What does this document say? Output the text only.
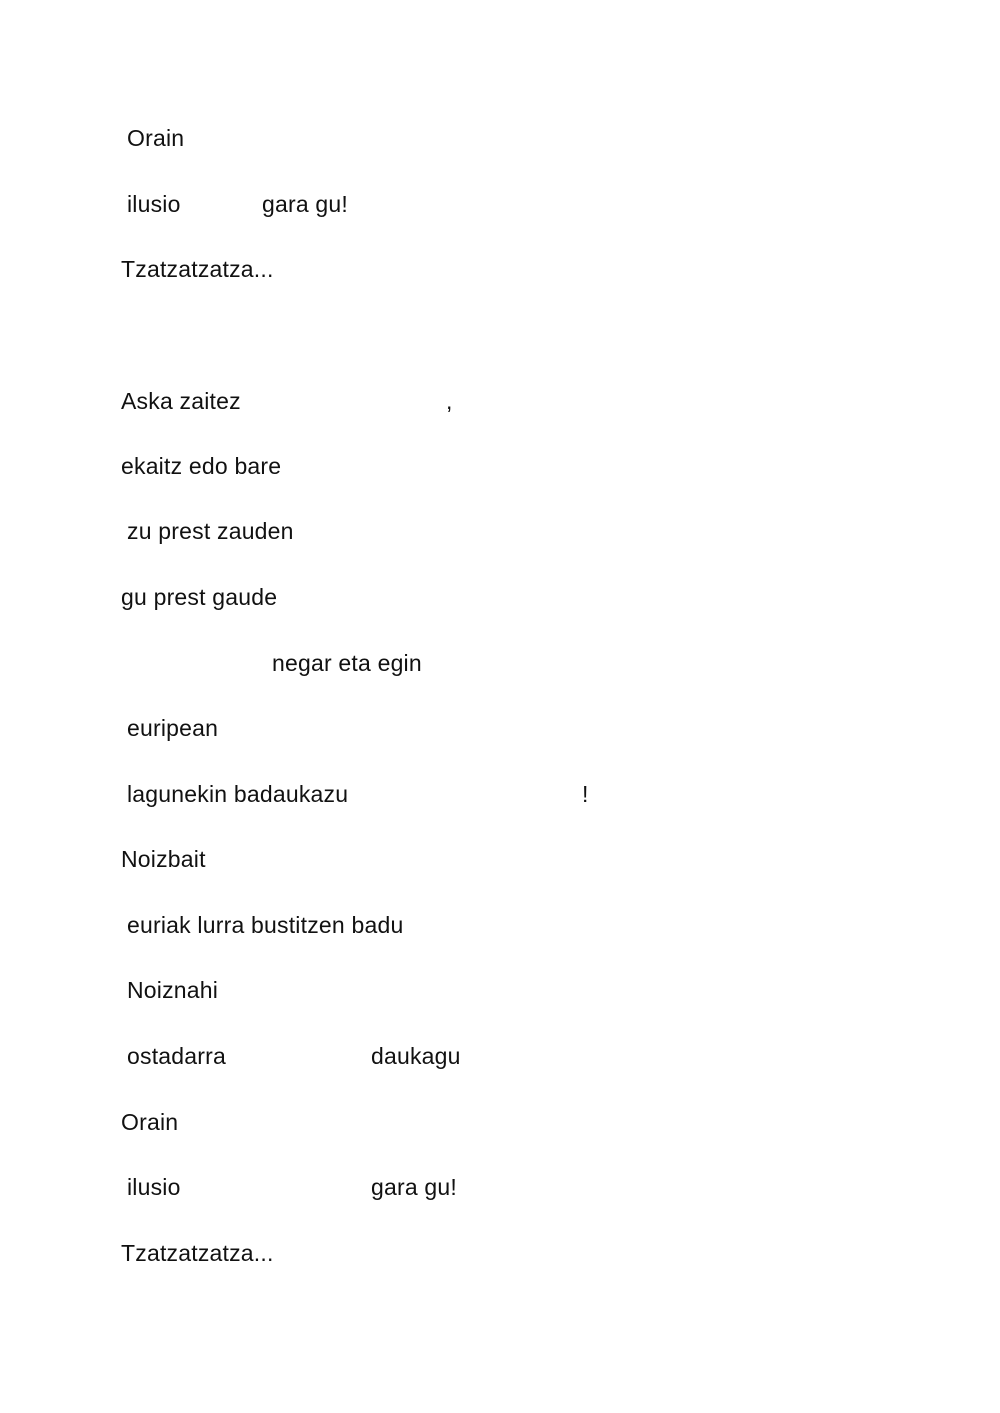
Orain
ilusio	gara gu!
Tzatzatzatza...
Aska zaitez	,
ekaitz edo bare
zu prest zauden
gu prest gaude
negar eta egin
euripean
lagunekin badaukazu	!
Noizbait
euriak lurra bustitzen badu
Noiznahi
ostadarra	daukagu
Orain
ilusio	gara gu!
Tzatzatzatza...
